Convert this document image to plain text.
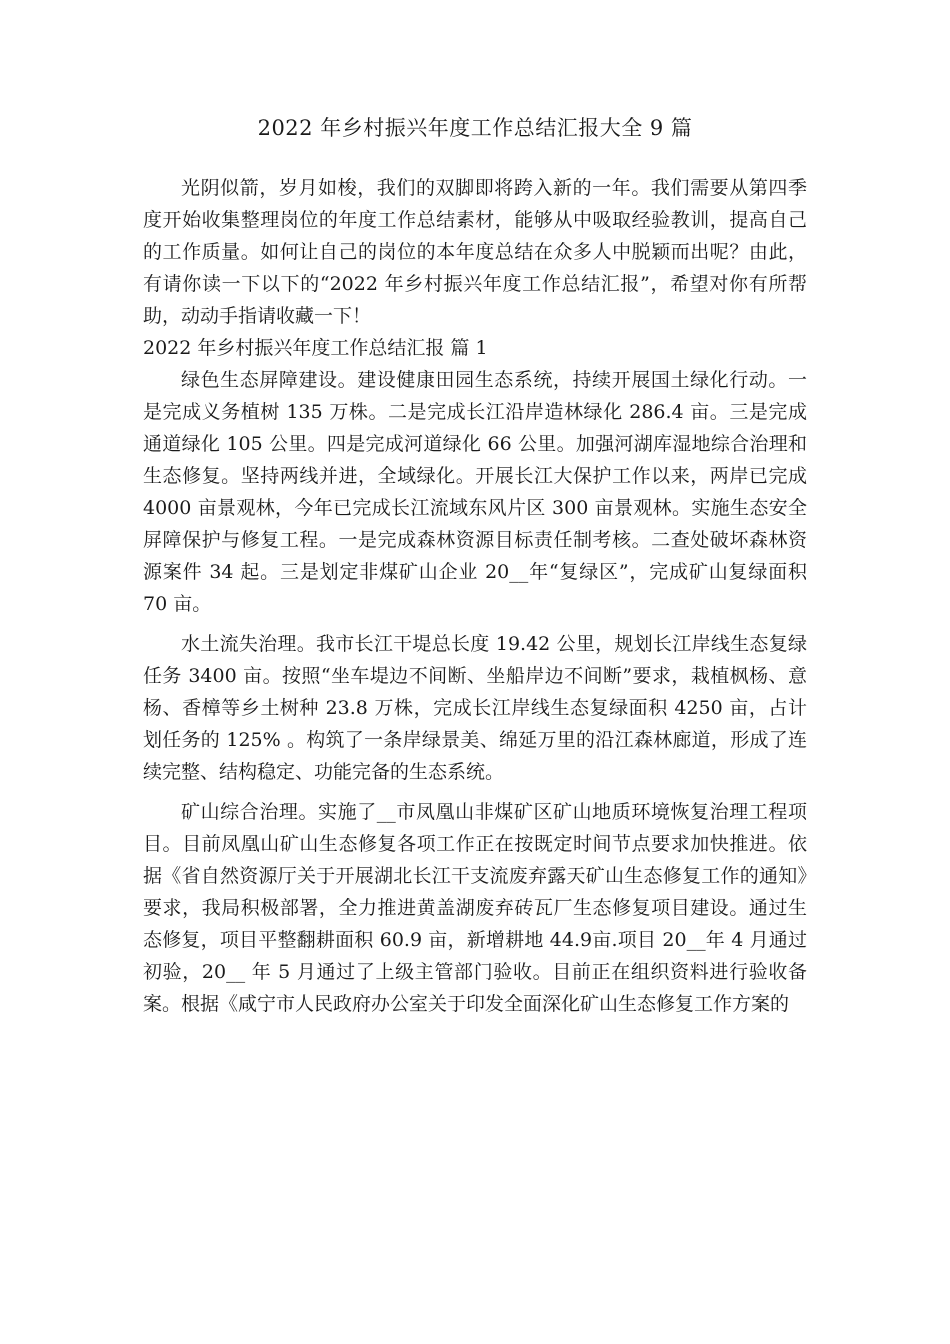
2022 年乡村振兴年度工作总结汇报大全 9 篇

光阴似箭，岁月如梭，我们的双脚即将跨入新的一年。我们需要从第四季度开始收集整理岗位的年度工作总结素材，能够从中吸取经验教训，提高自己的工作质量。如何让自己的岗位的本年度总结在众多人中脱颖而出呢？由此，有请你读一下以下的“2022 年乡村振兴年度工作总结汇报”，希望对你有所帮助，动动手指请收藏一下！

2022 年乡村振兴年度工作总结汇报 篇 1

绿色生态屏障建设。建设健康田园生态系统，持续开展国土绿化行动。一是完成义务植树 135 万株。二是完成长江沿岸造林绿化 286.4 亩。三是完成通道绿化 105 公里。四是完成河道绿化 66 公里。加强河湖库湿地综合治理和生态修复。坚持两线并进，全域绿化。开展长江大保护工作以来，两岸已完成 4000 亩景观林，今年已完成长江流域东风片区 300 亩景观林。实施生态安全屏障保护与修复工程。一是完成森林资源目标责任制考核。二查处破坏森林资源案件 34 起。三是划定非煤矿山企业 20__年“复绿区”，完成矿山复绿面积 70 亩。

水土流失治理。我市长江干堤总长度 19.42 公里，规划长江岸线生态复绿任务 3400 亩。按照“坐车堤边不间断、坐船岸边不间断”要求，栽植枫杨、意杨、香樟等乡土树种 23.8 万株，完成长江岸线生态复绿面积 4250 亩，占计划任务的 125% 。构筑了一条岸绿景美、绵延万里的沿江森林廊道，形成了连续完整、结构稳定、功能完备的生态系统。

矿山综合治理。实施了__市凤凰山非煤矿区矿山地质环境恢复治理工程项目。目前凤凰山矿山生态修复各项工作正在按既定时间节点要求加快推进。依据《省自然资源厅关于开展湖北长江干支流废弃露天矿山生态修复工作的通知》要求，我局积极部署，全力推进黄盖湖废弃砖瓦厂生态修复项目建设。通过生态修复，项目平整翻耕面积 60.9 亩，新增耕地 44.9亩.项目 20__年 4 月通过初验，20__ 年 5 月通过了上级主管部门验收。目前正在组织资料进行验收备案。根据《咸宁市人民政府办公室关于印发全面深化矿山生态修复工作方案的
